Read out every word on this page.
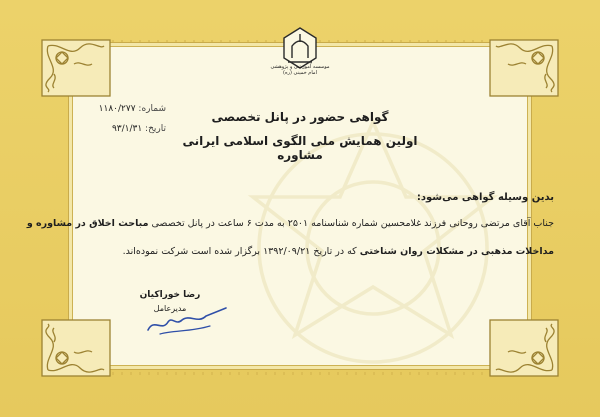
موسسه آموزشی و پژوهشی امام خمینی (ره)
شماره: ۱۱۸۰/۲۷۷
تاریخ: ۹۳/۱/۳۱
گواهی حضور در پانل تخصصی
اولین همایش ملی الگوی اسلامی ایرانی مشاوره
بدین وسیله گواهی می‌شود:
جناب آقای مرتضی روحانی فرزند غلامحسین شماره شناسنامه ۲۵۰۱ به مدت ۶ ساعت در پانل تخصصی مباحث اخلاق در مشاوره و
مداخلات مذهبی در مشکلات روان شناختی که در تاریخ ۱۳۹۲/۰۹/۲۱ برگزار شده است شرکت نموده‌اند.
رضا خوراکیان
مدیرعامل
